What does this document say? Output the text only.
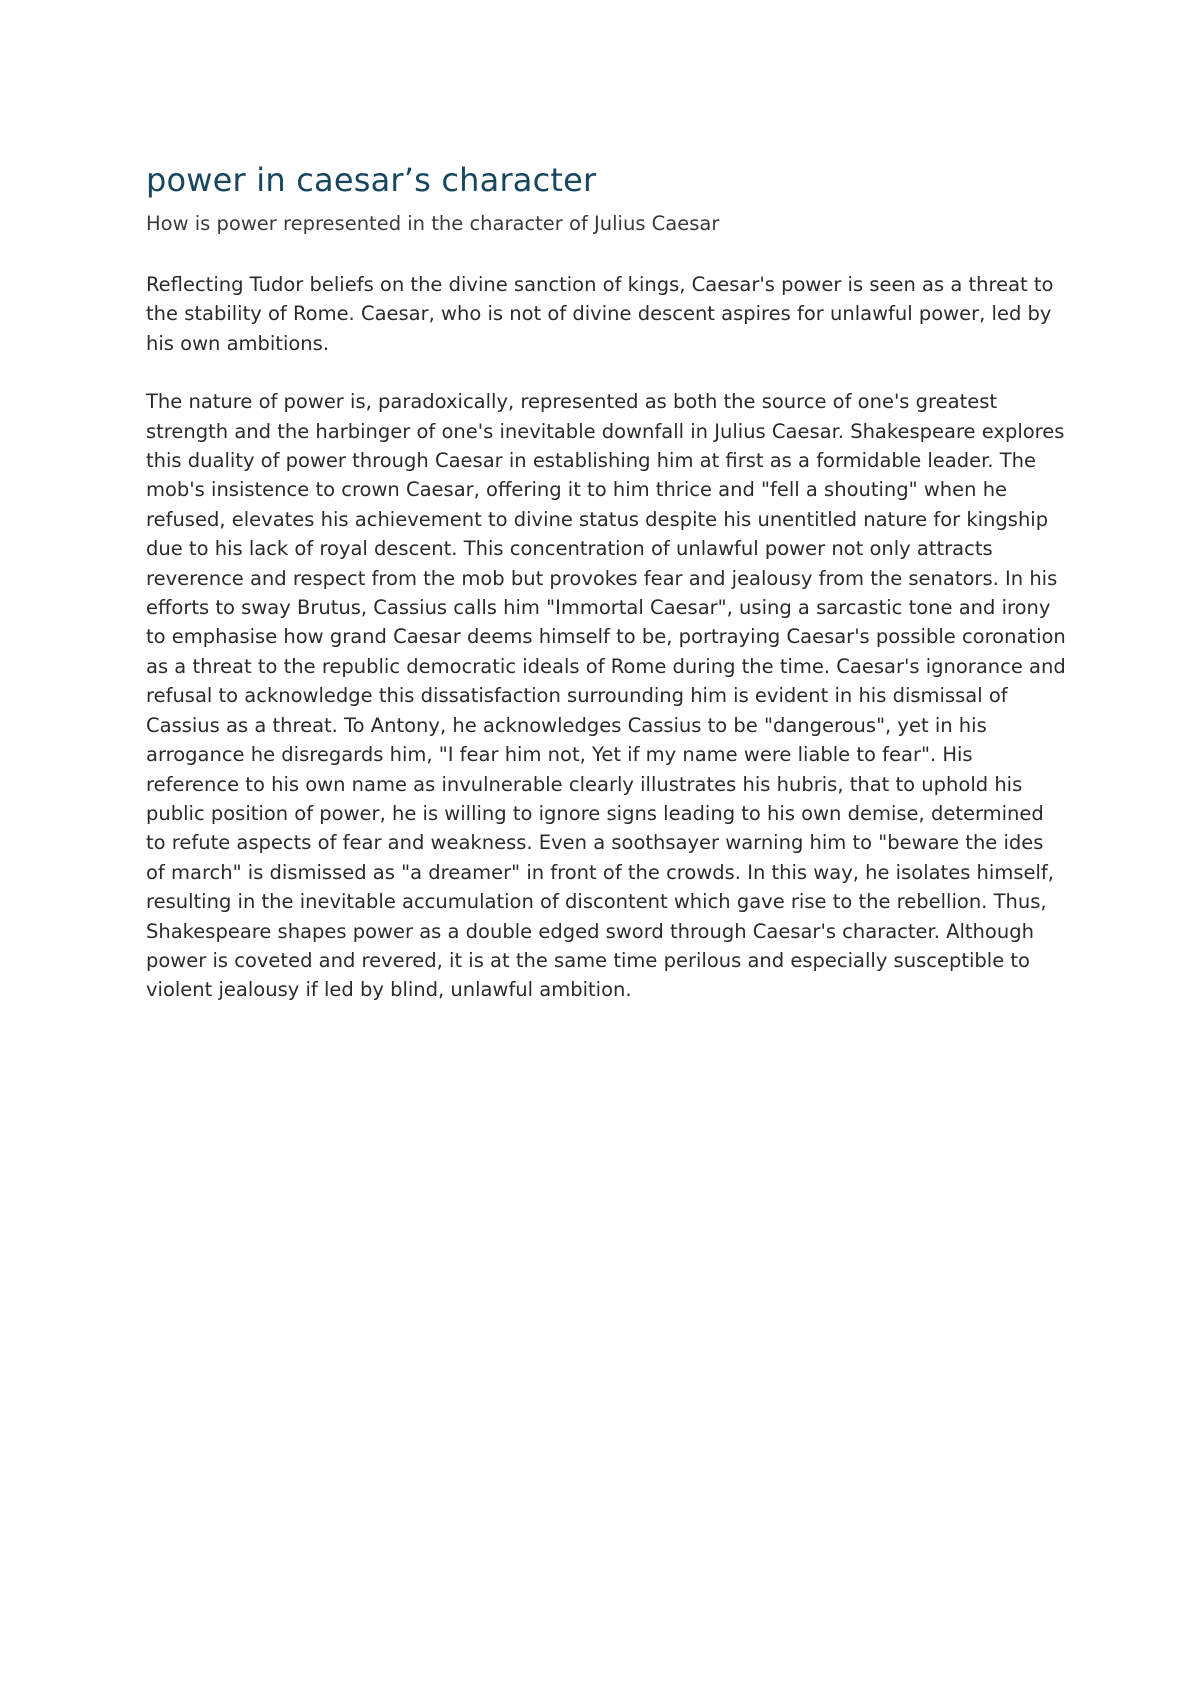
power in caesar’s character

How is power represented in the character of Julius Caesar

Reflecting Tudor beliefs on the divine sanction of kings, Caesar's power is seen as a threat to the stability of Rome. Caesar, who is not of divine descent aspires for unlawful power, led by his own ambitions.

The nature of power is, paradoxically, represented as both the source of one's greatest strength and the harbinger of one's inevitable downfall in Julius Caesar. Shakespeare explores this duality of power through Caesar in establishing him at first as a formidable leader. The mob's insistence to crown Caesar, offering it to him thrice and "fell a shouting" when he refused, elevates his achievement to divine status despite his unentitled nature for kingship due to his lack of royal descent. This concentration of unlawful power not only attracts reverence and respect from the mob but provokes fear and jealousy from the senators. In his efforts to sway Brutus, Cassius calls him "Immortal Caesar", using a sarcastic tone and irony to emphasise how grand Caesar deems himself to be, portraying Caesar's possible coronation as a threat to the republic democratic ideals of Rome during the time. Caesar's ignorance and refusal to acknowledge this dissatisfaction surrounding him is evident in his dismissal of Cassius as a threat. To Antony, he acknowledges Cassius to be "dangerous", yet in his arrogance he disregards him, "I fear him not, Yet if my name were liable to fear". His reference to his own name as invulnerable clearly illustrates his hubris, that to uphold his public position of power, he is willing to ignore signs leading to his own demise, determined to refute aspects of fear and weakness. Even a soothsayer warning him to "beware the ides of march" is dismissed as "a dreamer" in front of the crowds. In this way, he isolates himself, resulting in the inevitable accumulation of discontent which gave rise to the rebellion. Thus, Shakespeare shapes power as a double edged sword through Caesar's character. Although power is coveted and revered, it is at the same time perilous and especially susceptible to violent jealousy if led by blind, unlawful ambition.
